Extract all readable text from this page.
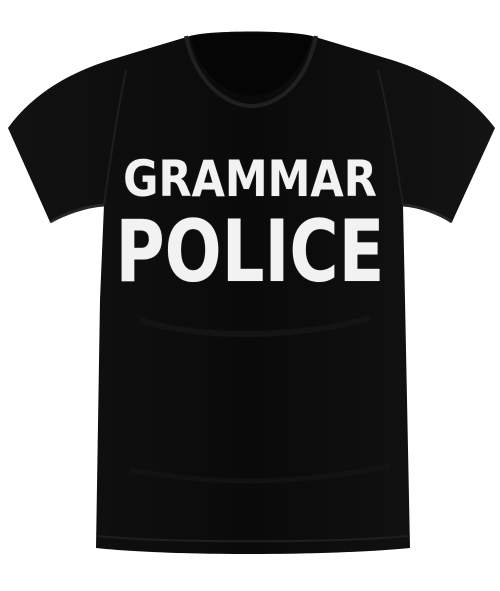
GRAMMAR
POLICE
